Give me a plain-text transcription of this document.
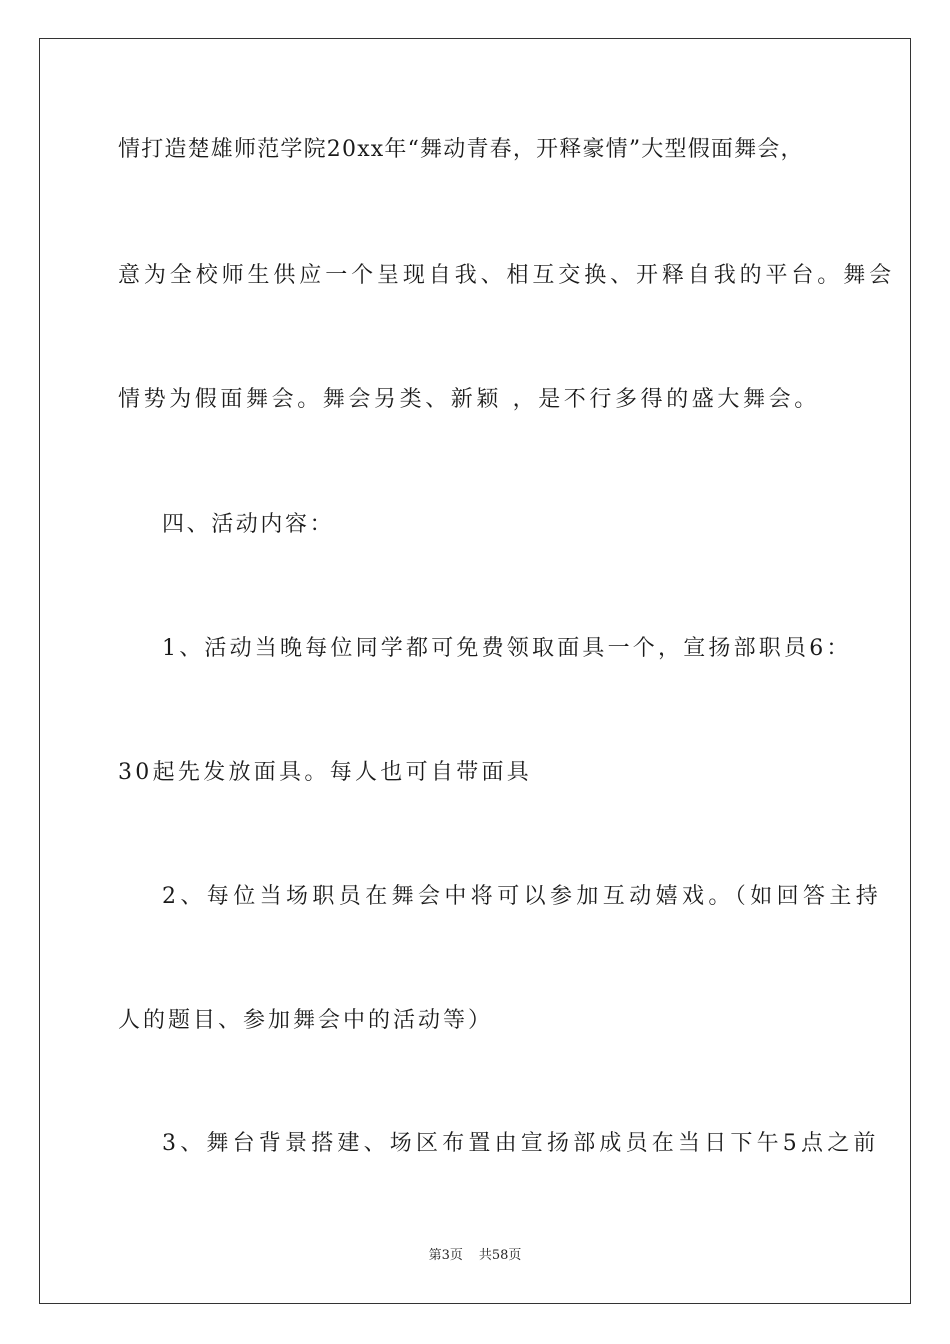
情打造楚雄师范学院20xx年“舞动青春，开释豪情”大型假面舞会，
意为全校师生供应一个呈现自我、相互交换、开释自我的平台。舞会
情势为假面舞会。舞会另类、新颖 ，是不行多得的盛大舞会。
四、活动内容：
1、活动当晚每位同学都可免费领取面具一个，宣扬部职员6：
30起先发放面具。每人也可自带面具
2、每位当场职员在舞会中将可以参加互动嬉戏。（如回答主持
人的题目、参加舞会中的活动等）
3、舞台背景搭建、场区布置由宣扬部成员在当日下午5点之前
第3页 共58页
